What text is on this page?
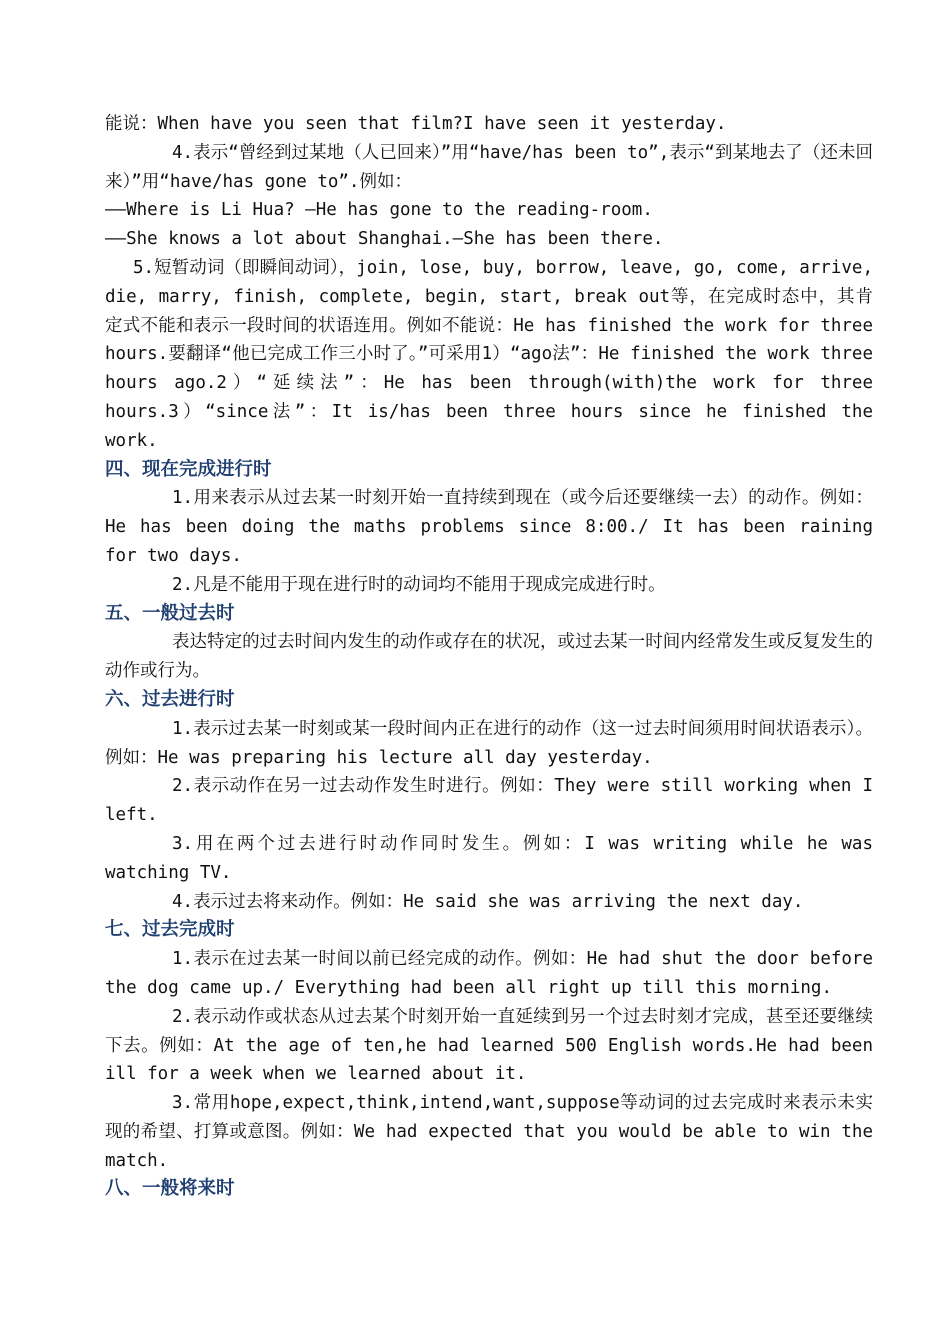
能说：When have you seen that film?I have seen it yesterday.

4.表示“曾经到过某地（人已回来）”用“have/has been to”,表示“到某地去了（还未回来）”用“have/has gone to”.例如：

——Where is Li Hua? —He has gone to the reading-room.

——She knows a lot about Shanghai.—She has been there.

5.短暂动词（即瞬间动词），join, lose, buy, borrow, leave, go, come, arrive, die, marry, finish, complete, begin, start, break out等，在完成时态中，其肯定式不能和表示一段时间的状语连用。例如不能说：He has finished the work for three hours.要翻译“他已完成工作三小时了。”可采用1）“ago法”：He finished the work three hours ago.2）“延续法”：He has been through(with)the work for three hours.3）“since法”：It is/has been three hours since he finished the work.

四、现在完成进行时

1.用来表示从过去某一时刻开始一直持续到现在（或今后还要继续一去）的动作。例如：He has been doing the maths problems since 8:00./ It has been raining for two days.

2.凡是不能用于现在进行时的动词均不能用于现成完成进行时。

五、一般过去时

表达特定的过去时间内发生的动作或存在的状况，或过去某一时间内经常发生或反复发生的动作或行为。

六、过去进行时

1.表示过去某一时刻或某一段时间内正在进行的动作（这一过去时间须用时间状语表示）。例如：He was preparing his lecture all day yesterday.

2.表示动作在另一过去动作发生时进行。例如：They were still working when I left.

3.用在两个过去进行时动作同时发生。例如：I was writing while he was watching TV.

4.表示过去将来动作。例如：He said she was arriving the next day.

七、过去完成时

1.表示在过去某一时间以前已经完成的动作。例如：He had shut the door before the dog came up./ Everything had been all right up till this morning.

2.表示动作或状态从过去某个时刻开始一直延续到另一个过去时刻才完成，甚至还要继续下去。例如：At the age of ten,he had learned 500 English words.He had been ill for a week when we learned about it.

3.常用hope,expect,think,intend,want,suppose等动词的过去完成时来表示未实现的希望、打算或意图。例如：We had expected that you would be able to win the match.

八、一般将来时
